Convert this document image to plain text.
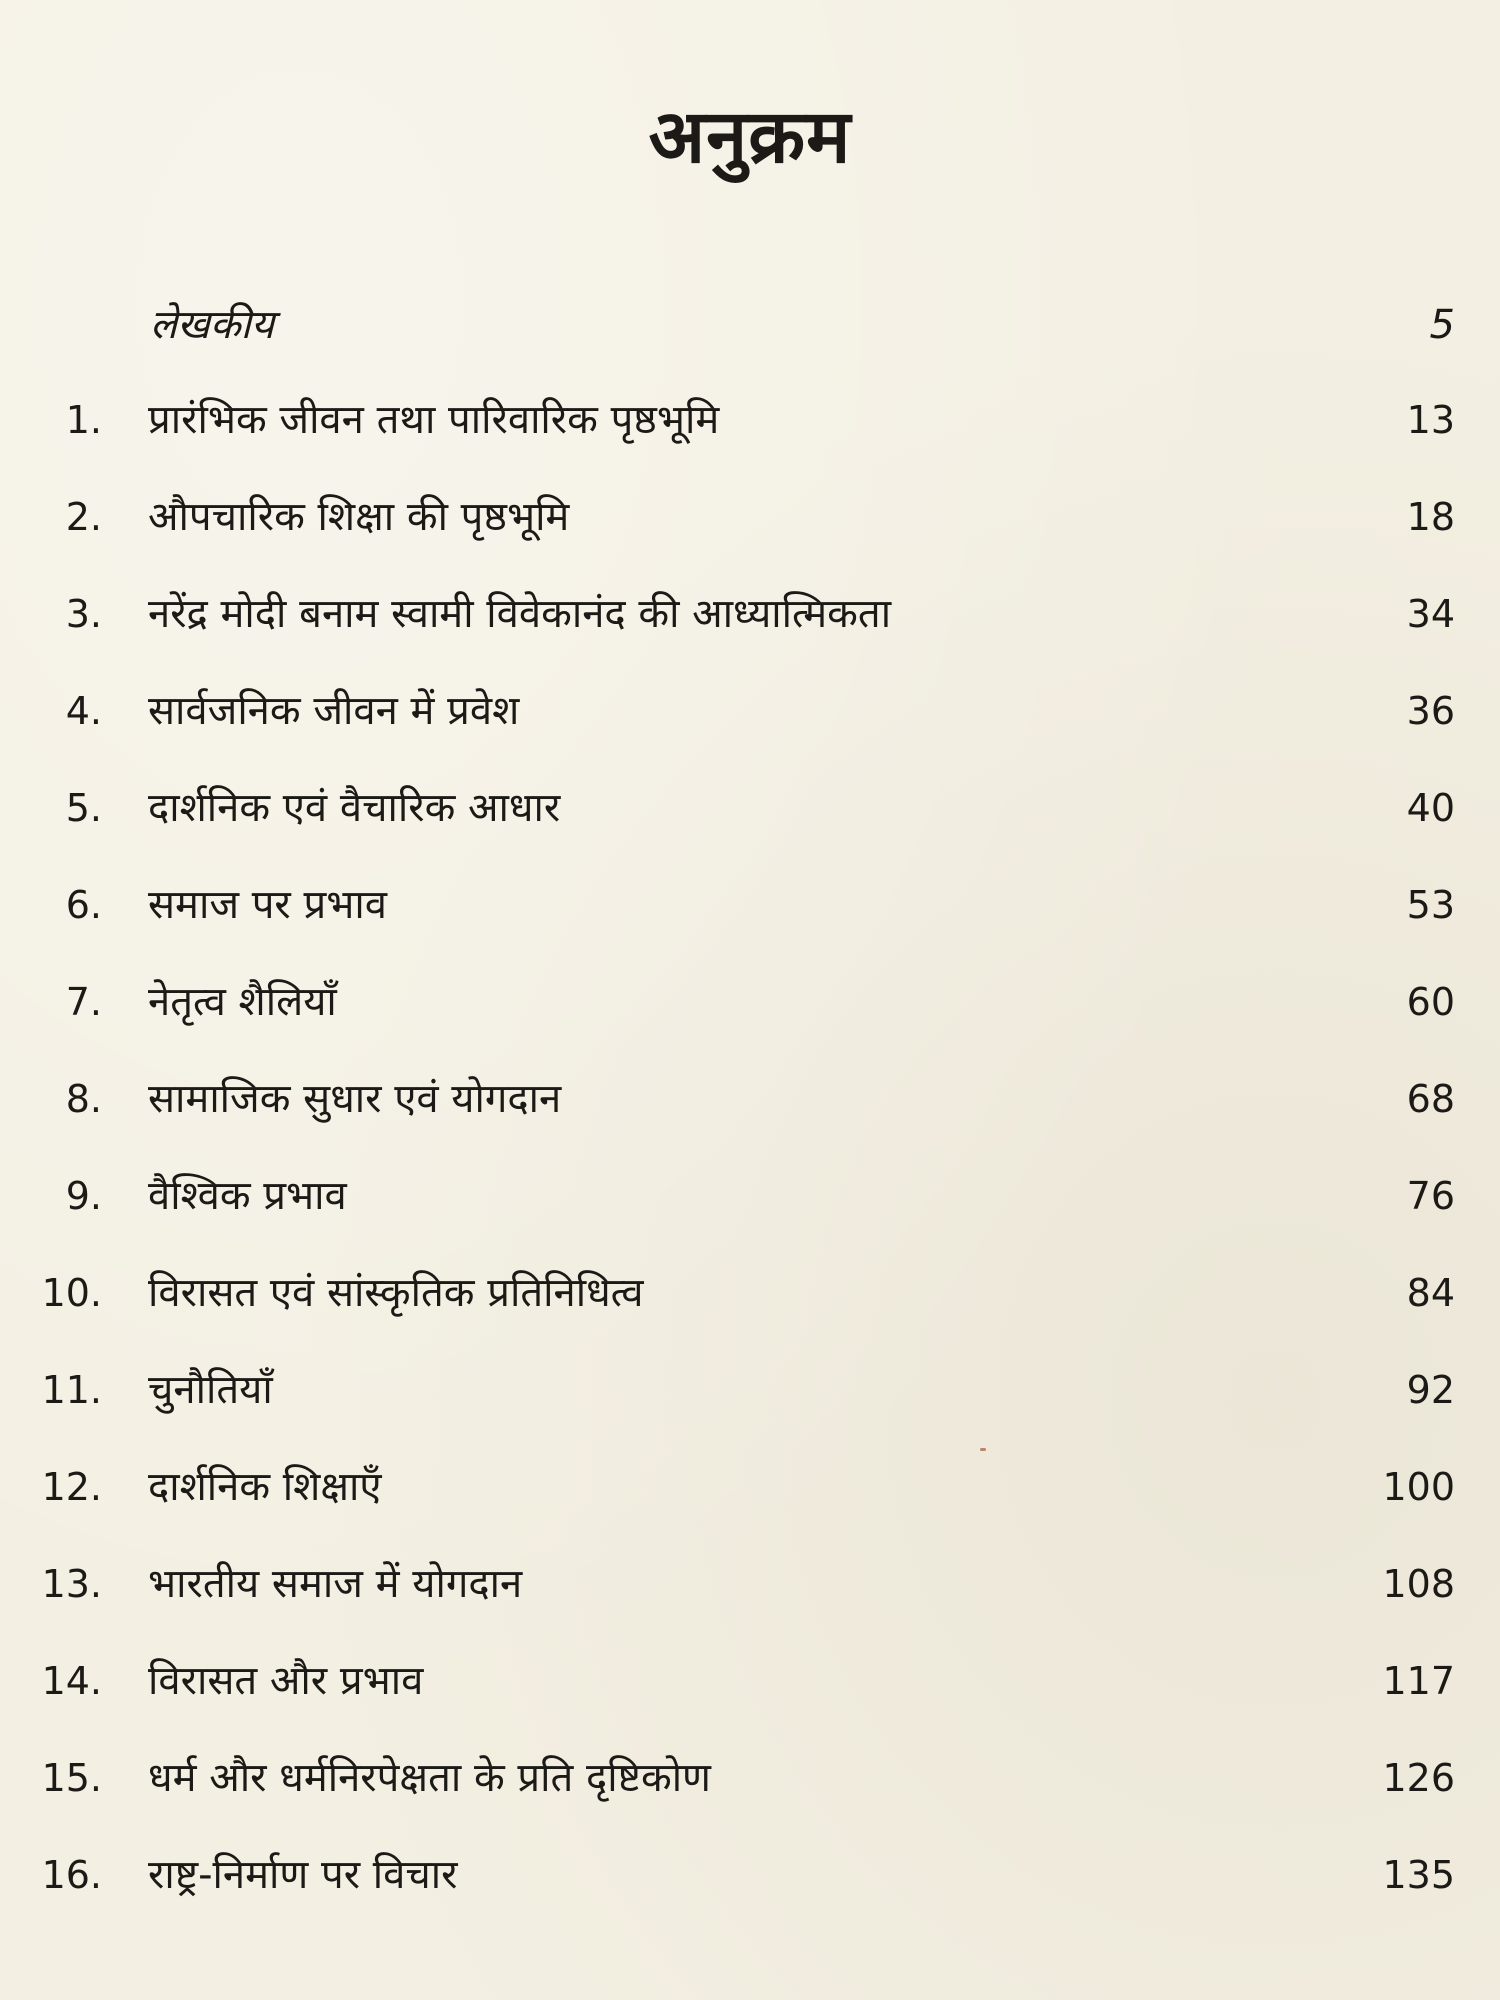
अनुक्रम
लेखकीय	5
1. प्रारंभिक जीवन तथा पारिवारिक पृष्ठभूमि	13
2. औपचारिक शिक्षा की पृष्ठभूमि	18
3. नरेंद्र मोदी बनाम स्वामी विवेकानंद की आध्यात्मिकता	34
4. सार्वजनिक जीवन में प्रवेश	36
5. दार्शनिक एवं वैचारिक आधार	40
6. समाज पर प्रभाव	53
7. नेतृत्व शैलियाँ	60
8. सामाजिक सुधार एवं योगदान	68
9. वैश्विक प्रभाव	76
10. विरासत एवं सांस्कृतिक प्रतिनिधित्व	84
11. चुनौतियाँ	92
12. दार्शनिक शिक्षाएँ	100
13. भारतीय समाज में योगदान	108
14. विरासत और प्रभाव	117
15. धर्म और धर्मनिरपेक्षता के प्रति दृष्टिकोण	126
16. राष्ट्र-निर्माण पर विचार	135
